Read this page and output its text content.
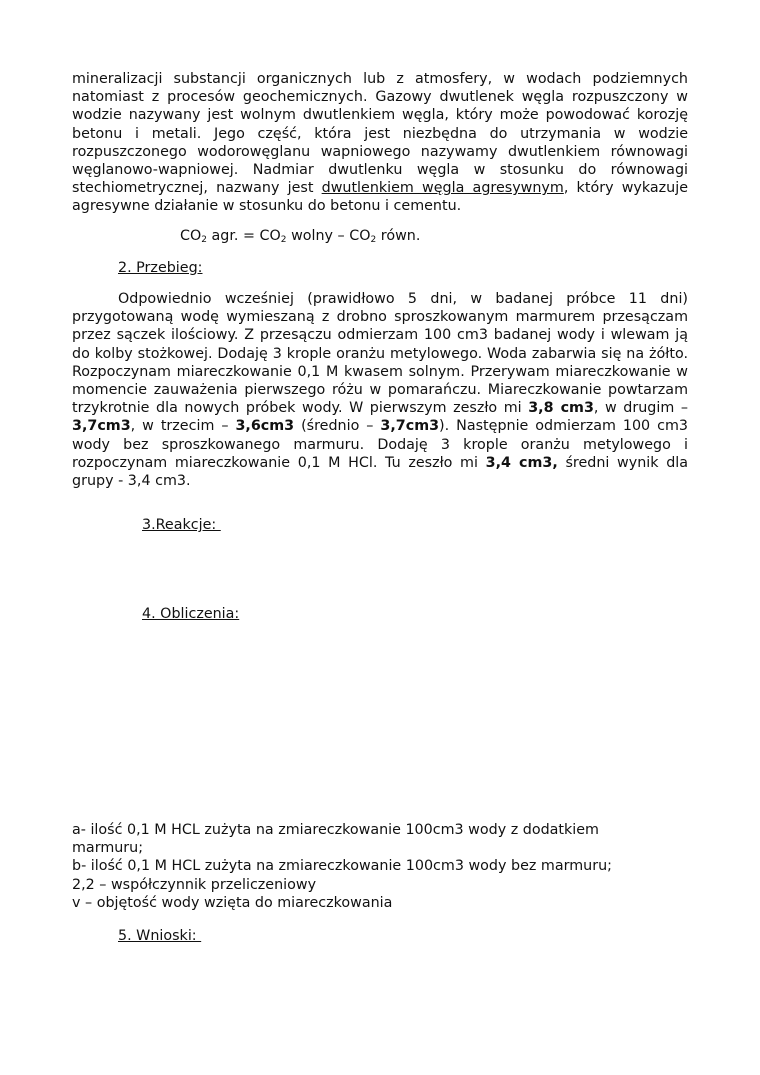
mineralizacji substancji organicznych lub z atmosfery, w wodach podziemnych natomiast z procesów geochemicznych. Gazowy dwutlenek węgla rozpuszczony w wodzie nazywany jest wolnym dwutlenkiem węgla, który może powodować korozję betonu i metali. Jego część, która jest niezbędna do utrzymania w wodzie rozpuszczonego wodorowęglanu wapniowego nazywamy dwutlenkiem równowagi węglanowo-wapniowej. Nadmiar dwutlenku węgla w stosunku do równowagi stechiometrycznej, nazwany jest dwutlenkiem węgla agresywnym, który wykazuje agresywne działanie w stosunku do betonu i cementu.

$CO_2$ agr. = $CO_2$ wolny – $CO_2$ równ.
2. Przebieg:

Odpowiednio wcześniej (prawidłowo 5 dni, w badanej próbce 11 dni) przygotowaną wodę wymieszaną z drobno sproszkowanym marmurem przesączam przez sączek ilościowy. Z przesączu odmierzam 100 cm3 badanej wody i wlewam ją do kolby stożkowej. Dodaję 3 krople oranżu metylowego. Woda zabarwia się na żółto. Rozpoczynam miareczkowanie 0,1 M kwasem solnym. Przerywam miareczkowanie w momencie zauważenia pierwszego różu w pomarańczu. Miareczkowanie powtarzam trzykrotnie dla nowych próbek wody. W pierwszym zeszło mi 3,8 cm3, w drugim – 3,7cm3, w trzecim – 3,6cm3 (średnio – 3,7cm3). Następnie odmierzam 100 cm3 wody bez sproszkowanego marmuru. Dodaję 3 krople oranżu metylowego i rozpoczynam miareczkowanie 0,1 M HCl. Tu zeszło mi 3,4 cm3, średni wynik dla grupy - 3,4 cm3.

3.Reakcje:
4. Obliczenia:
a- ilość 0,1 M HCL zużyta na zmiareczkowanie 100cm3 wody z dodatkiem marmuru;
b- ilość 0,1 M HCL zużyta na zmiareczkowanie 100cm3 wody bez marmuru;
2,2 – współczynnik przeliczeniowy
v – objętość wody wzięta do miareczkowania
5. Wnioski:
